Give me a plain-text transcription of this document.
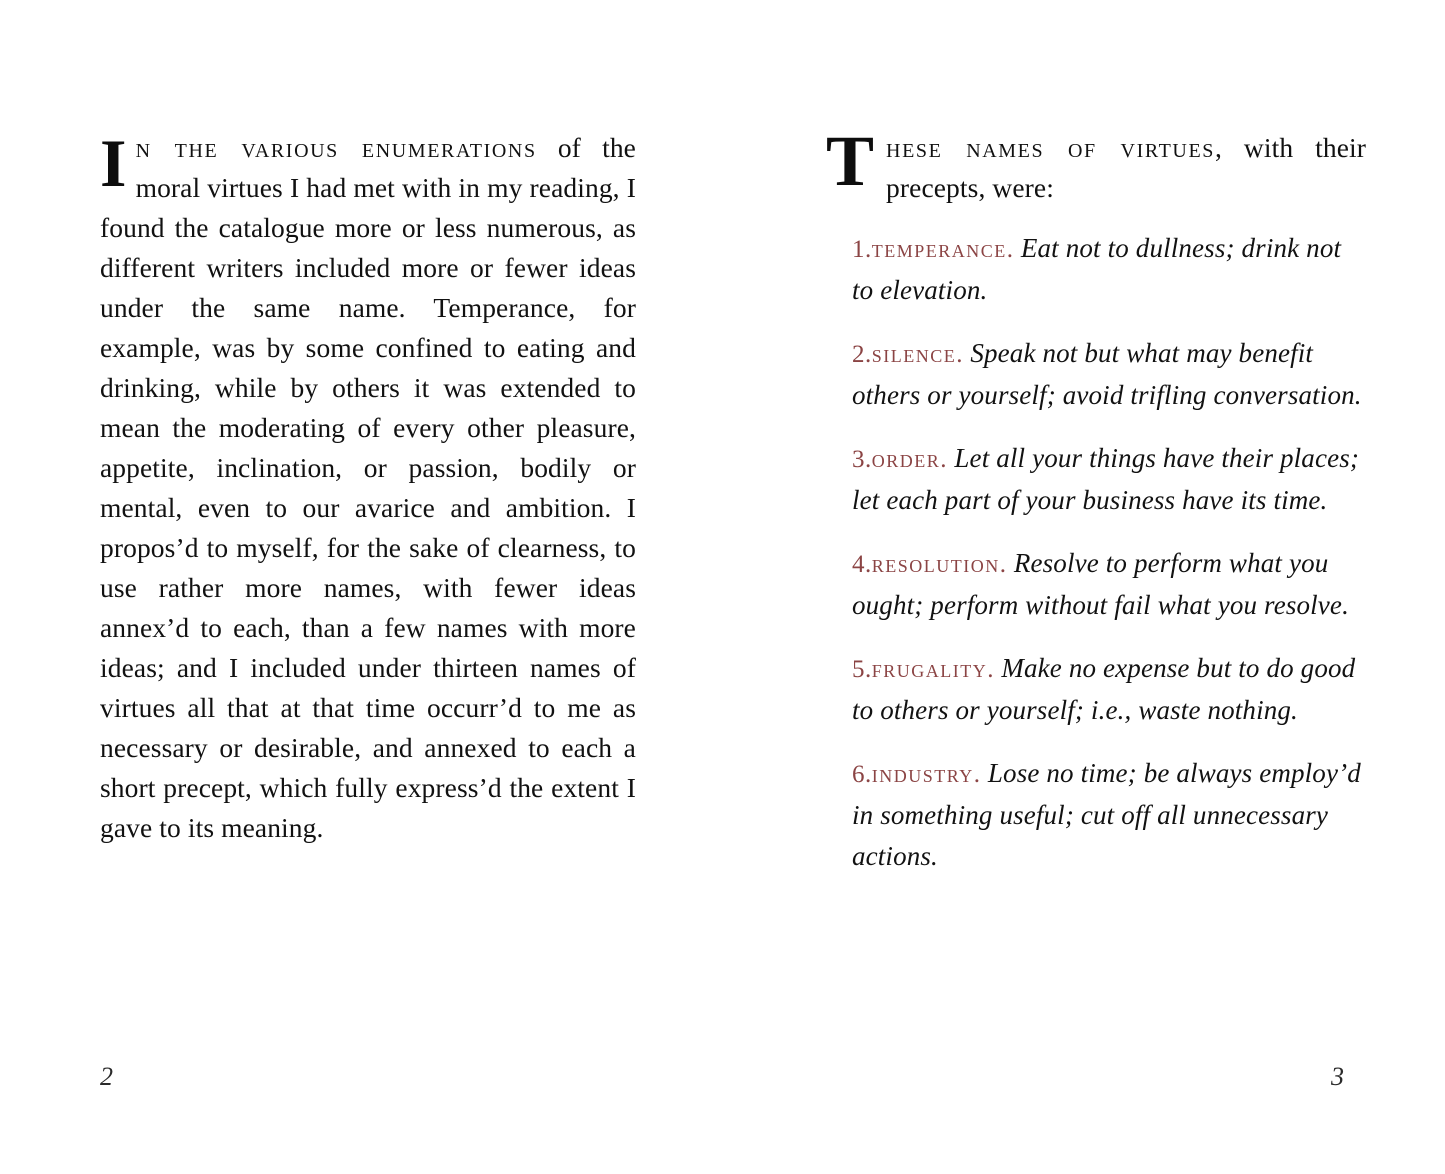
I n the various enumerations of the moral virtues I had met with in my reading, I found the catalogue more or less numerous, as different writers included more or fewer ideas under the same name. Temperance, for example, was by some confined to eating and drinking, while by others it was extended to mean the moderating of every other pleasure, appetite, inclination, or passion, bodily or mental, even to our avarice and ambition. I propos’d to myself, for the sake of clearness, to use rather more names, with fewer ideas annex’d to each, than a few names with more ideas; and I included under thirteen names of virtues all that at that time occurr’d to me as necessary or desirable, and annexed to each a short precept, which fully express’d the extent I gave to its meaning.

2

These names of virtues, with their precepts, were:

1.temperance. Eat not to dullness; drink not to elevation.
2.silence. Speak not but what may benefit others or yourself; avoid trifling conversation.
3.order. Let all your things have their places; let each part of your business have its time.
4.resolution. Resolve to perform what you ought; perform without fail what you resolve.
5.frugality. Make no expense but to do good to others or yourself; i.e., waste nothing.
6.industry. Lose no time; be always employ’d in something useful; cut off all unnecessary actions.
3
